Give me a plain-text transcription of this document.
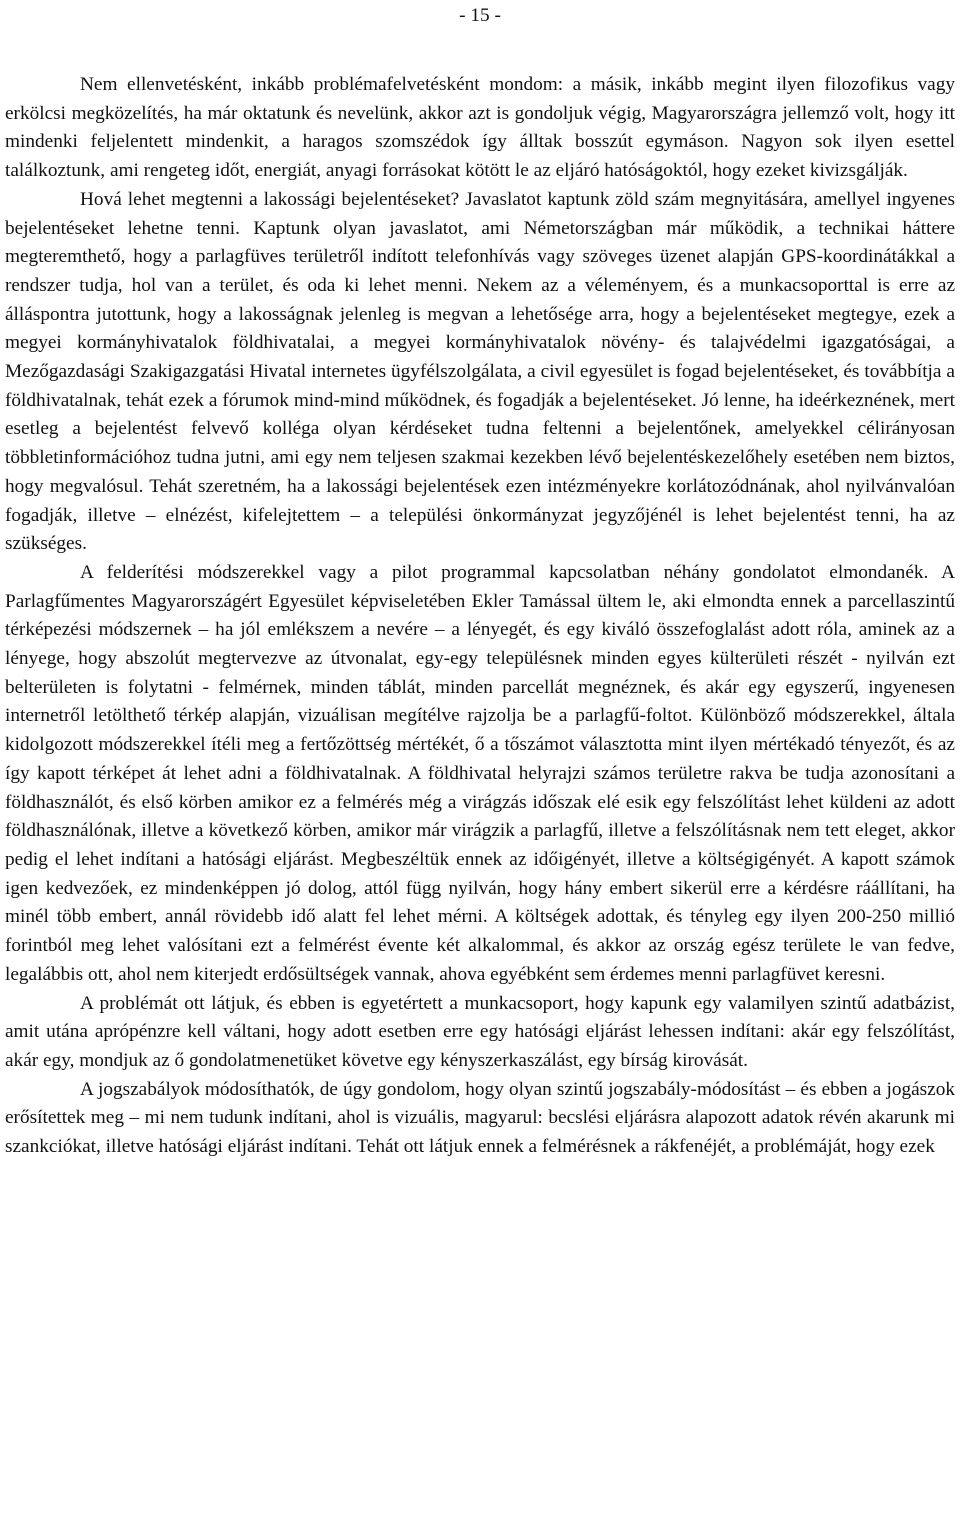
- 15 -

Nem ellenvetésként, inkább problémafelvetésként mondom: a másik, inkább megint ilyen filozofikus vagy erkölcsi megközelítés, ha már oktatunk és nevelünk, akkor azt is gondoljuk végig, Magyarországra jellemző volt, hogy itt mindenki feljelentett mindenkit, a haragos szomszédok így álltak bosszút egymáson. Nagyon sok ilyen esettel találkoztunk, ami rengeteg időt, energiát, anyagi forrásokat kötött le az eljáró hatóságoktól, hogy ezeket kivizsgálják.

Hová lehet megtenni a lakossági bejelentéseket? Javaslatot kaptunk zöld szám megnyitására, amellyel ingyenes bejelentéseket lehetne tenni. Kaptunk olyan javaslatot, ami Németországban már működik, a technikai háttere megteremthető, hogy a parlagfüves területről indított telefonhívás vagy szöveges üzenet alapján GPS-koordinátákkal a rendszer tudja, hol van a terület, és oda ki lehet menni. Nekem az a véleményem, és a munkacsoporttal is erre az álláspontra jutottunk, hogy a lakosságnak jelenleg is megvan a lehetősége arra, hogy a bejelentéseket megtegye, ezek a megyei kormányhivatalok földhivatalai, a megyei kormányhivatalok növény- és talajvédelmi igazgatóságai, a Mezőgazdasági Szakigazgatási Hivatal internetes ügyfélszolgálata, a civil egyesület is fogad bejelentéseket, és továbbítja a földhivatalnak, tehát ezek a fórumok mind-mind működnek, és fogadják a bejelentéseket. Jó lenne, ha ideérkeznének, mert esetleg a bejelentést felvevő kolléga olyan kérdéseket tudna feltenni a bejelentőnek, amelyekkel célirányosan többletinformációhoz tudna jutni, ami egy nem teljesen szakmai kezekben lévő bejelentéskezelőhely esetében nem biztos, hogy megvalósul. Tehát szeretném, ha a lakossági bejelentések ezen intézményekre korlátozódnának, ahol nyilvánvalóan fogadják, illetve – elnézést, kifelejtettem – a települési önkormányzat jegyzőjénél is lehet bejelentést tenni, ha az szükséges.

A felderítési módszerekkel vagy a pilot programmal kapcsolatban néhány gondolatot elmondanék. A Parlagfűmentes Magyarországért Egyesület képviseletében Ekler Tamással ültem le, aki elmondta ennek a parcellaszintű térképezési módszernek – ha jól emlékszem a nevére – a lényegét, és egy kiváló összefoglalást adott róla, aminek az a lényege, hogy abszolút megtervezve az útvonalat, egy-egy településnek minden egyes külterületi részét - nyilván ezt belterületen is folytatni - felmérnek, minden táblát, minden parcellát megnéznek, és akár egy egyszerű, ingyenesen internetről letölthető térkép alapján, vizuálisan megítélve rajzolja be a parlagfű-foltot. Különböző módszerekkel, általa kidolgozott módszerekkel ítéli meg a fertőzöttség mértékét, ő a tőszámot választotta mint ilyen mértékadó tényezőt, és az így kapott térképet át lehet adni a földhivatalnak. A földhivatal helyrajzi számos területre rakva be tudja azonosítani a földhasználót, és első körben amikor ez a felmérés még a virágzás időszak elé esik egy felszólítást lehet küldeni az adott földhasználónak, illetve a következő körben, amikor már virágzik a parlagfű, illetve a felszólításnak nem tett eleget, akkor pedig el lehet indítani a hatósági eljárást. Megbeszéltük ennek az időigényét, illetve a költségigényét. A kapott számok igen kedvezőek, ez mindenképpen jó dolog, attól függ nyilván, hogy hány embert sikerül erre a kérdésre ráállítani, ha minél több embert, annál rövidebb idő alatt fel lehet mérni. A költségek adottak, és tényleg egy ilyen 200-250 millió forintból meg lehet valósítani ezt a felmérést évente két alkalommal, és akkor az ország egész területe le van fedve, legalábbis ott, ahol nem kiterjedt erdősültségek vannak, ahova egyébként sem érdemes menni parlagfüvet keresni.

A problémát ott látjuk, és ebben is egyetértett a munkacsoport, hogy kapunk egy valamilyen szintű adatbázist, amit utána aprópénzre kell váltani, hogy adott esetben erre egy hatósági eljárást lehessen indítani: akár egy felszólítást, akár egy, mondjuk az ő gondolatmenetüket követve egy kényszerkaszálást, egy bírság kirovását.

A jogszabályok módosíthatók, de úgy gondolom, hogy olyan szintű jogszabály-módosítást – és ebben a jogászok erősítettek meg – mi nem tudunk indítani, ahol is vizuális, magyarul: becslési eljárásra alapozott adatok révén akarunk mi szankciókat, illetve hatósági eljárást indítani. Tehát ott látjuk ennek a felmérésnek a rákfenéjét, a problémáját, hogy ezek
